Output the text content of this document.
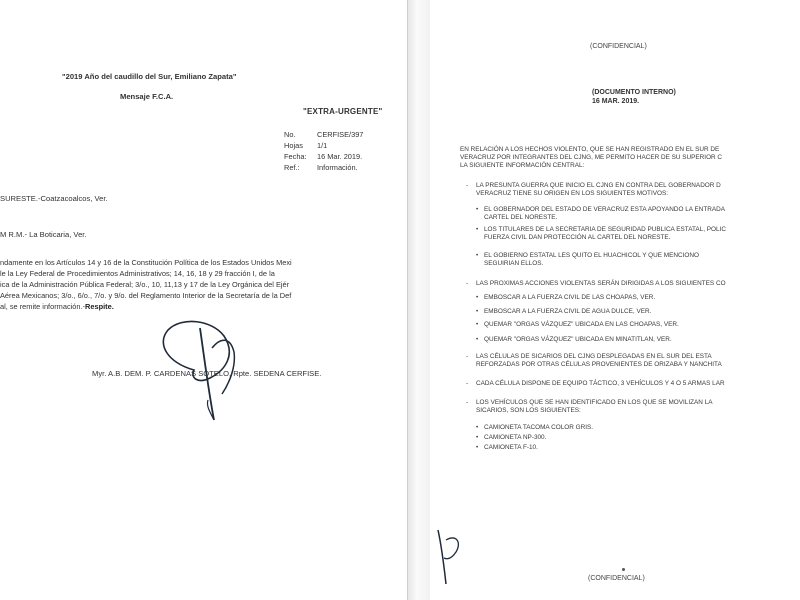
"2019 Año del caudillo del Sur, Emiliano Zapata"
Mensaje F.C.A.
"EXTRA-URGENTE"
No.	CERFISE/397
Hojas 1/1
Fecha: 16 Mar. 2019.
Ref.: Información.
SURESTE.-Coatzacoalcos, Ver.
M R.M.- La Boticaria, Ver.
ndamente en los Artículos 14 y 16 de la Constitución Política de los Estados Unidos Mexi
le la Ley Federal de Procedimientos Administrativos; 14, 16, 18 y 29 fracción I, de la
ica de la Administración Pública Federal; 3/o., 10, 11,13 y 17 de la Ley Orgánica del Ejér
Aérea Mexicanos; 3/o., 6/o., 7/o. y 9/o. del Reglamento Interior de la Secretaría de la Def
al, se remite información.-Respite.
Myr. A.B. DEM. P. CARDENAS SOTELO, Rpte. SEDENA CERFISE.
(CONFIDENCIAL)
(DOCUMENTO INTERNO)
16 MAR. 2019.
EN RELACIÓN A LOS HECHOS VIOLENTO, QUE SE HAN REGISTRADO EN EL SUR DE
VERACRUZ POR INTEGRANTES DEL CJNG, ME PERMITO HACER DE SU SUPERIOR C
LA SIGUIENTE INFORMACIÓN CENTRAL:
- LA PRESUNTA GUERRA QUE INICIO EL CJNG EN CONTRA DEL GOBERNADOR D
VERACRUZ TIENE SU ORIGEN EN LOS SIGUIENTES MOTIVOS:
• EL GOBERNADOR DEL ESTADO DE VERACRUZ ESTA APOYANDO LA ENTRADA
CARTEL DEL NORESTE.
• LOS TITULARES DE LA SECRETARIA DE SEGURIDAD PUBLICA ESTATAL, POLIC
FUERZA CIVIL DAN PROTECCIÓN AL CARTEL DEL NORESTE.
• EL GOBIERNO ESTATAL LES QUITO EL HUACHICOL Y QUE MENCIONO
SEGUIRIAN ELLOS.
- LAS PROXIMAS ACCIONES VIOLENTAS SERÁN DIRIGIDAS A LOS SIGUIENTES CO
• EMBOSCAR A LA FUERZA CIVIL DE LAS CHOAPAS, VER.
• EMBOSCAR A LA FUERZA CIVIL DE AGUA DULCE, VER.
• QUEMAR "ORGAS VÁZQUEZ" UBICADA EN LAS CHOAPAS, VER.
• QUEMAR "ORGAS VÁZQUEZ" UBICADA EN MINATITLAN, VER.
- LAS CÉLULAS DE SICARIOS DEL CJNG DESPLEGADAS EN EL SUR DEL ESTA
REFORZADAS POR OTRAS CÉLULAS PROVENIENTES DE ORIZABA Y NANCHITA
- CADA CÉLULA DISPONE DE EQUIPO TÁCTICO, 3 VEHÍCULOS Y 4 O 5 ARMAS LAR
- LOS VEHÍCULOS QUE SE HAN IDENTIFICADO EN LOS QUE SE MOVILIZAN LA
SICARIOS, SON LOS SIGUIENTES:
• CAMIONETA TACOMA COLOR GRIS.
• CAMIONETA NP-300.
• CAMIONETA F-10.
(CONFIDENCIAL)
